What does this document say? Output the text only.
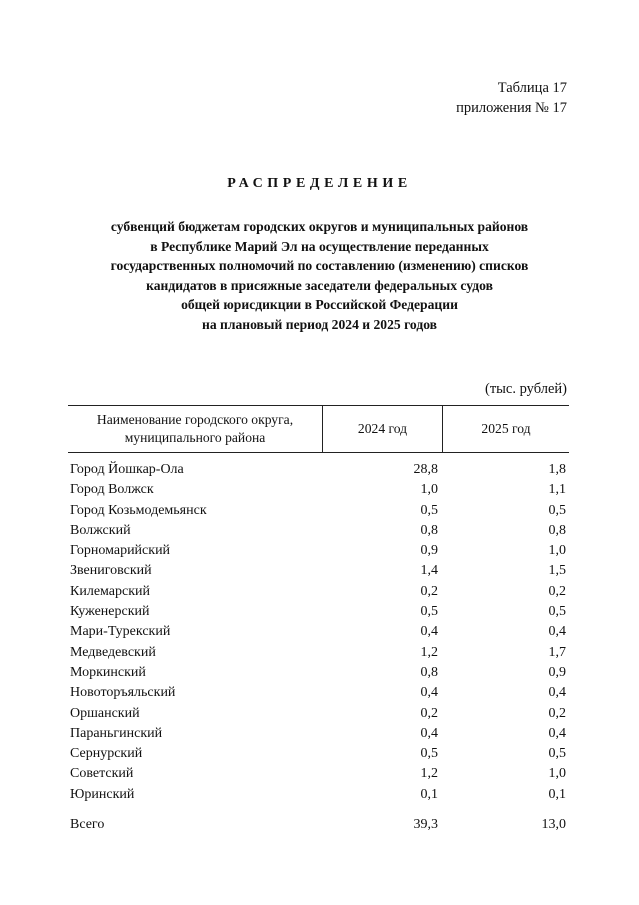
Таблица 17
приложения № 17
РАСПРЕДЕЛЕНИЕ
субвенций бюджетам городских округов и муниципальных районов
в Республике Марий Эл на осуществление переданных
государственных полномочий по составлению (изменению) списков
кандидатов в присяжные заседатели федеральных судов
общей юрисдикции в Российской Федерации
на плановый период 2024 и 2025 годов
(тыс. рублей)
Наименование городского округа,
муниципального района
2024 год	2025 год
Город Йошкар-Ола	28,8	1,8
Город Волжск	1,0	1,1
Город Козьмодемьянск	0,5	0,5
Волжский	0,8	0,8
Горномарийский	0,9	1,0
Звениговский	1,4	1,5
Килемарский	0,2	0,2
Куженерский	0,5	0,5
Мари-Турекский	0,4	0,4
Медведевский	1,2	1,7
Моркинский	0,8	0,9
Новоторъяльский	0,4	0,4
Оршанский	0,2	0,2
Параньгинский	0,4	0,4
Сернурский	0,5	0,5
Советский	1,2	1,0
Юринский	0,1	0,1
Всего	39,3	13,0
